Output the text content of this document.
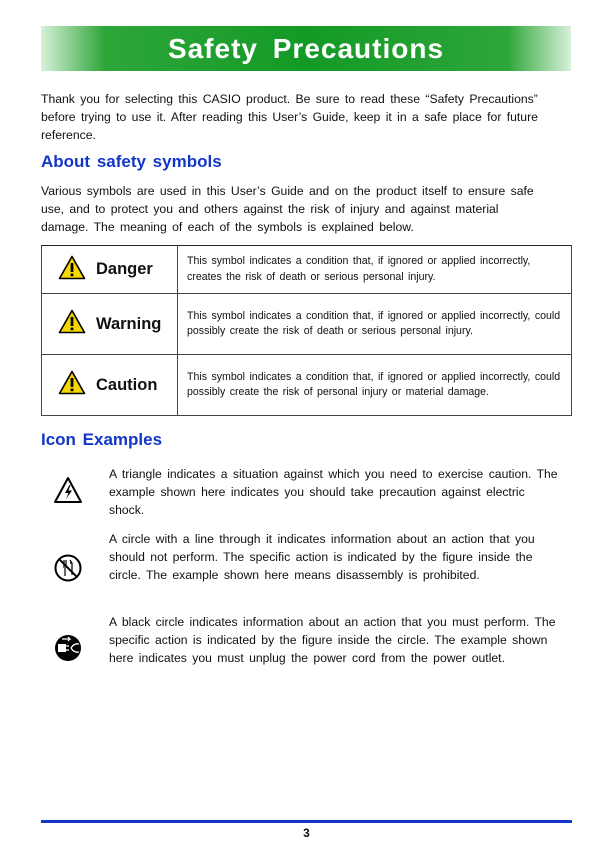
Safety Precautions

Thank you for selecting this CASIO product. Be sure to read these “Safety Precautions” before trying to use it. After reading this User’s Guide, keep it in a safe place for future reference.

About safety symbols

Various symbols are used in this User’s Guide and on the product itself to ensure safe use, and to protect you and others against the risk of injury and against material damage. The meaning of each of the symbols is explained below.

Danger	This symbol indicates a condition that, if ignored or applied incorrectly, creates the risk of death or serious personal injury.

Warning	This symbol indicates a condition that, if ignored or applied incorrectly, could possibly create the risk of death or serious personal injury.

Caution	This symbol indicates a condition that, if ignored or applied incorrectly, could possibly create the risk of personal injury or material damage.
Icon Examples

A triangle indicates a situation against which you need to exercise caution. The example shown here indicates you should take precaution against electric shock.

A circle with a line through it indicates information about an action that you should not perform. The specific action is indicated by the figure inside the circle. The example shown here means disassembly is prohibited.

A black circle indicates information about an action that you must perform. The specific action is indicated by the figure inside the circle. The example shown here indicates you must unplug the power cord from the power outlet.

3
